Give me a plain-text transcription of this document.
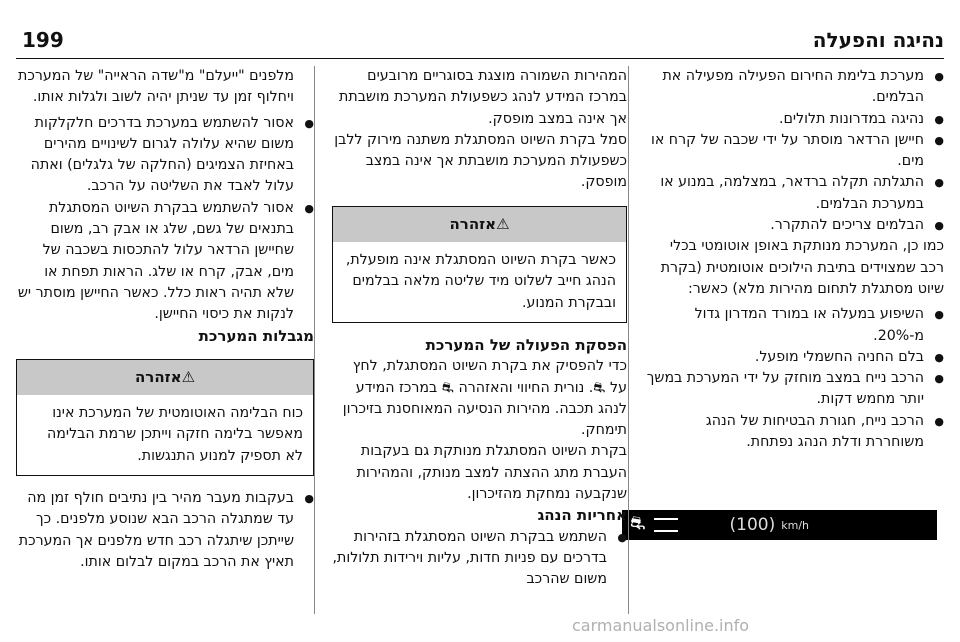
נהיגה והפעלה
199

● מערכת בלימת החירום הפעילה מפעילה את הבלמים.

● נהיגה במדרונות תלולים.

● חיישן הרדאר מוסתר על ידי שכבה של קרח או מים.

● התגלתה תקלה ברדאר, במצלמה, במנוע או במערכת הבלמים.

● הבלמים צריכים להתקרר.

כמו כן, המערכת מנותקת באופן אוטומטי בכלי רכב שמצוידים בתיבת הילוכים אוטומטית (בקרת שיוט מסתגלת לתחום מהירות מלא) כאשר:

● השיפוע במעלה או במורד המדרון גדול מ-20%.

● בלם החניה החשמלי מופעל.

● הרכב נייח במצב מוחזק על ידי המערכת במשך יותר מחמש דקות.

● הרכב נייח, חגורת הבטיחות של הנהג משוחררת ודלת הנהג נפתחת.

⛐	(100) km/h

המהירות השמורה מוצגת בסוגריים מרובעים במרכז המידע לנהג כשפעולת המערכת מושבתת אך אינה במצב מופסק.

סמל בקרת השיוט המסתגלת משתנה מירוק ללבן כשפעולת המערכת מושבתת אך אינה במצב מופסק.

⚠אזהרה
כאשר בקרת השיוט המסתגלת אינה מופעלת, הנהג חייב לשלוט מיד שליטה מלאה בבלמים ובבקרת המנוע.

הפסקת הפעולה של המערכת

כדי להפסיק את בקרת השיוט המסתגלת, לחץ על ⛐. נורית החיווי והאזהרה ⛐ במרכז המידע לנהג תכבה. מהירות הנסיעה המאוחסנת בזיכרון תימחק.

בקרת השיוט המסתגלת מנותקת גם בעקבות העברת מתג ההצתה למצב מנותק, והמהירות שנקבעה נמחקת מהזיכרון.

אחריות הנהג

● השתמש בבקרת השיוט המסתגלת בזהירות בדרכים עם פניות חדות, עליות וירידות תלולות, משום שהרכב

מלפנים "ייעלם" מ"שדה הראייה" של המערכת ויחלוף זמן עד שניתן יהיה לשוב ולגלות אותו.

● אסור להשתמש במערכת בדרכים חלקלקות משום שהיא עלולה לגרום לשינויים מהירים באחיזת הצמיגים (החלקה של גלגלים) ואתה עלול לאבד את השליטה על הרכב.

● אסור להשתמש בבקרת השיוט המסתגלת בתנאים של גשם, שלג או אבק רב, משום שחיישן הרדאר עלול להתכסות בשכבה של מים, אבק, קרח או שלג. הראות תפחת או שלא תהיה ראות כלל. כאשר החיישן מוסתר יש לנקות את כיסוי החיישן.

מגבלות המערכת

⚠אזהרה
כוח הבלימה האוטומטית של המערכת אינו מאפשר בלימה חזקה וייתכן שרמת הבלימה לא תספיק למנוע התנגשות.

● בעקבות מעבר מהיר בין נתיבים חולף זמן מה עד שמתגלה הרכב הבא שנוסע מלפנים. כך שייתכן שיתגלה רכב חדש מלפנים אך המערכת תאיץ את הרכב במקום לבלום אותו.

carmanualsonline.info
